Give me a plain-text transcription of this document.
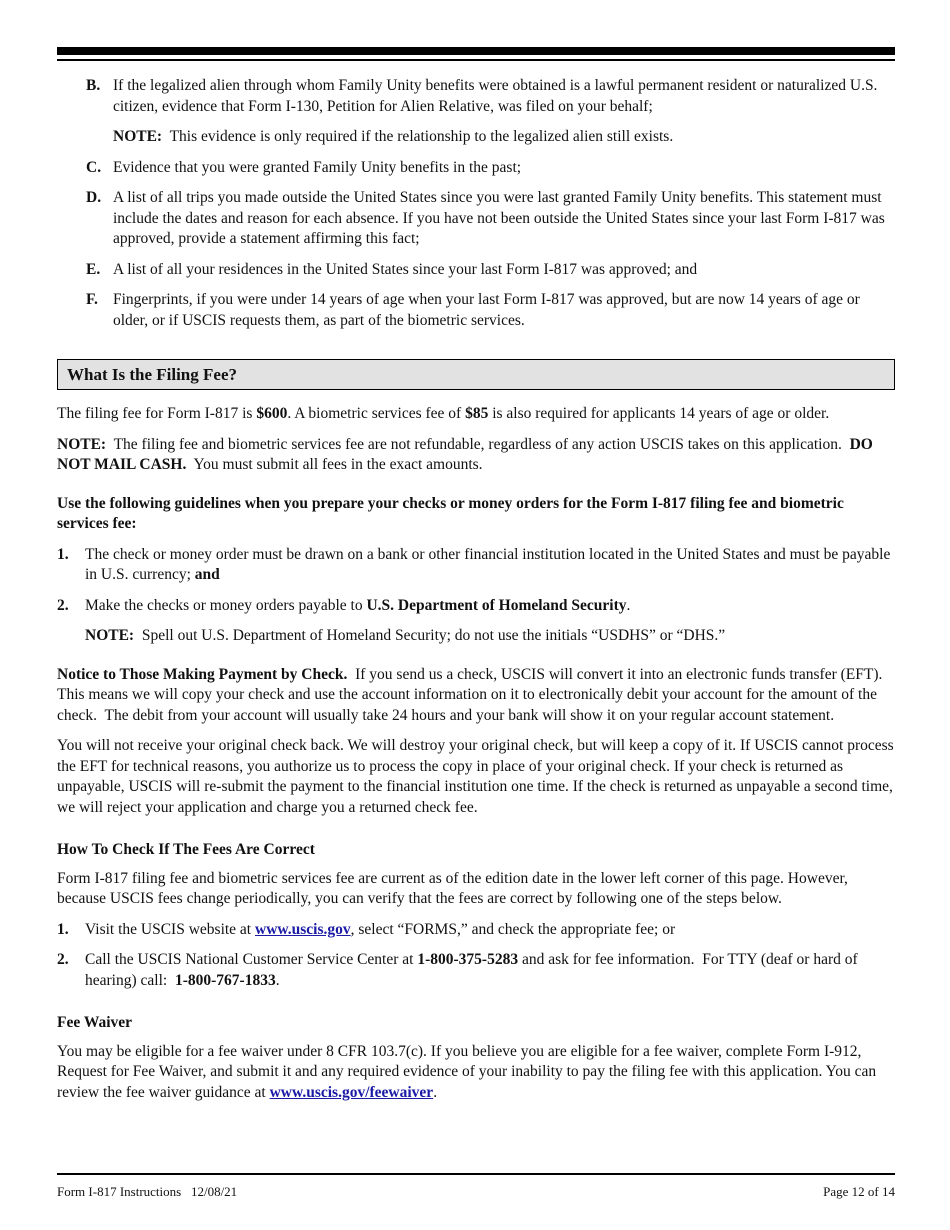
B. If the legalized alien through whom Family Unity benefits were obtained is a lawful permanent resident or naturalized U.S. citizen, evidence that Form I-130, Petition for Alien Relative, was filed on your behalf;
NOTE: This evidence is only required if the relationship to the legalized alien still exists.
C. Evidence that you were granted Family Unity benefits in the past;
D. A list of all trips you made outside the United States since you were last granted Family Unity benefits. This statement must include the dates and reason for each absence. If you have not been outside the United States since your last Form I-817 was approved, provide a statement affirming this fact;
E. A list of all your residences in the United States since your last Form I-817 was approved; and
F. Fingerprints, if you were under 14 years of age when your last Form I-817 was approved, but are now 14 years of age or older, or if USCIS requests them, as part of the biometric services.
What Is the Filing Fee?

The filing fee for Form I-817 is $600. A biometric services fee of $85 is also required for applicants 14 years of age or older.

NOTE:  The filing fee and biometric services fee are not refundable, regardless of any action USCIS takes on this application.  DO NOT MAIL CASH.  You must submit all fees in the exact amounts.

Use the following guidelines when you prepare your checks or money orders for the Form I-817 filing fee and biometric services fee:
1. The check or money order must be drawn on a bank or other financial institution located in the United States and must be payable in U.S. currency; and
2. Make the checks or money orders payable to U.S. Department of Homeland Security.
NOTE:  Spell out U.S. Department of Homeland Security; do not use the initials “USDHS” or “DHS.”

Notice to Those Making Payment by Check.  If you send us a check, USCIS will convert it into an electronic funds transfer (EFT).  This means we will copy your check and use the account information on it to electronically debit your account for the amount of the check.  The debit from your account will usually take 24 hours and your bank will show it on your regular account statement.

You will not receive your original check back. We will destroy your original check, but will keep a copy of it. If USCIS cannot process the EFT for technical reasons, you authorize us to process the copy in place of your original check. If your check is returned as unpayable, USCIS will re-submit the payment to the financial institution one time. If the check is returned as unpayable a second time, we will reject your application and charge you a returned check fee.

How To Check If The Fees Are Correct

Form I-817 filing fee and biometric services fee are current as of the edition date in the lower left corner of this page. However, because USCIS fees change periodically, you can verify that the fees are correct by following one of the steps below.

1. Visit the USCIS website at www.uscis.gov, select “FORMS,” and check the appropriate fee; or
2. Call the USCIS National Customer Service Center at 1-800-375-5283 and ask for fee information.  For TTY (deaf or hard of hearing) call:  1-800-767-1833.
Fee Waiver

You may be eligible for a fee waiver under 8 CFR 103.7(c). If you believe you are eligible for a fee waiver, complete Form I-912, Request for Fee Waiver, and submit it and any required evidence of your inability to pay the filing fee with this application. You can review the fee waiver guidance at www.uscis.gov/feewaiver.

Form I-817 Instructions   12/08/21	Page 12 of 14
